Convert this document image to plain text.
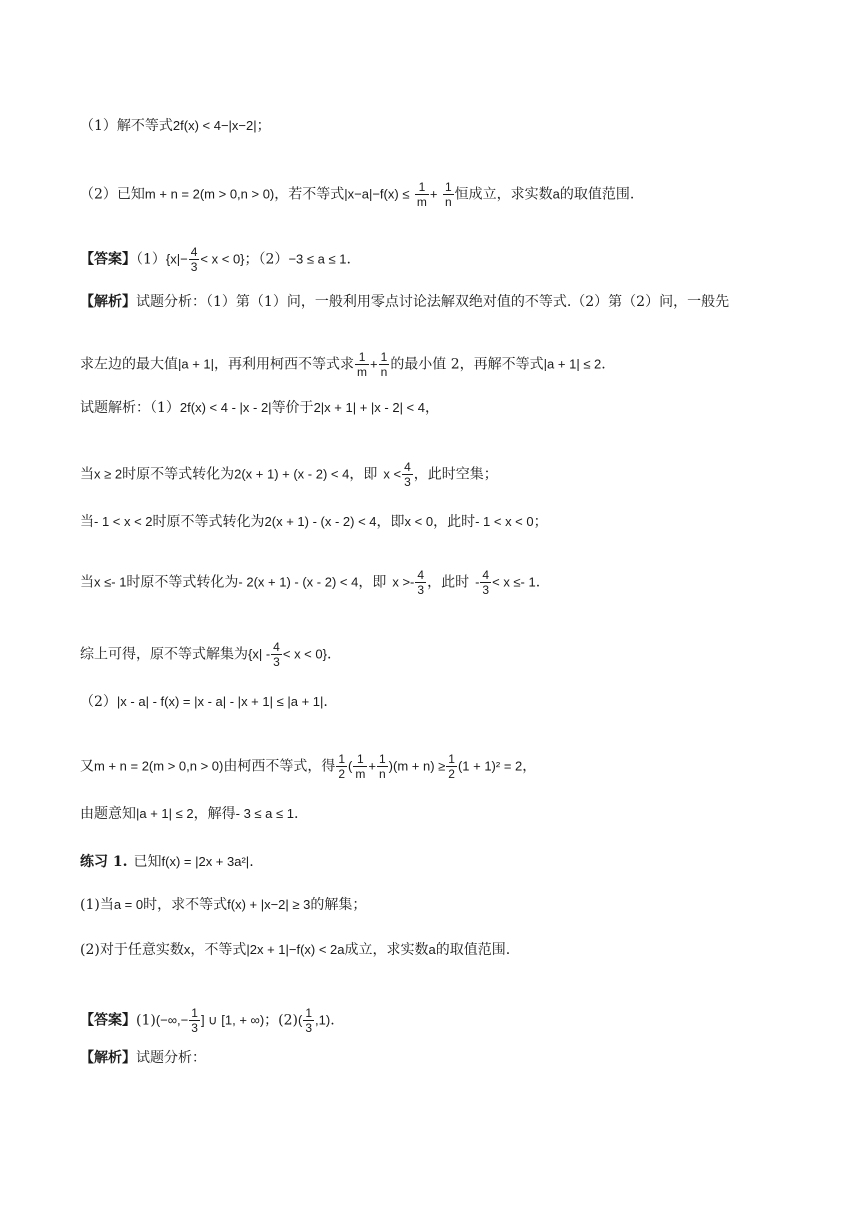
（1）解不等式2f(x) < 4−|x−2|；
（2）已知m + n = 2(m > 0,n > 0)，若不等式$|x-a|-f(x) \le \frac{1}{m} + \frac{1}{n}$ 恒成立，求实数a的取值范围.
【答案】$(1)\{x|- \frac{4}{3} < x < 0\}$；（2）−3 ≤ a ≤ 1.
【解析】试题分析：（1）第（1）问，一般利用零点讨论法解双绝对值的不等式.（2）第（2）问，一般先
求左边的最大值|a + 1|，再利用柯西不等式求 $\frac{1}{m} + \frac{1}{n}$ 的最小值 2，再解不等式|a + 1| ≤ 2.
试题解析：（1）2f(x) < 4 - |x - 2|等价于2|x + 1| + |x - 2| < 4，
当x ≥ 2时原不等式转化为2(x + 1) + (x - 2) < 4，即 $x < \frac{4}{3}$ ，此时空集；
当- 1 < x < 2时原不等式转化为2(x + 1) - (x - 2) < 4，即x < 0，此时- 1 < x < 0；
当x ≤- 1时原不等式转化为- 2(x + 1) - (x - 2) < 4，即 $x >- \frac{4}{3}$ ，此时 - $\frac{4}{3} < x \le- 1$.
综上可得，原不等式解集为$\{x| - \frac{4}{3} < x < 0\}$.
（2）|x - a| - f(x) = |x - a| - |x + 1| ≤ |a + 1|.
又m + n = 2(m > 0,n > 0)由柯西不等式，得 $\frac{1}{2}$ ( $\frac{1}{m} + \frac{1}{n} )(m + n) \ge \frac{1}{2} (1 + 1)^2 = 2$，
由题意知|a + 1| ≤ 2，解得- 3 ≤ a ≤ 1.
练习 1. 已知f(x) = |2x + 3a²|.
(1)当a = 0时，求不等式f(x) + |x−2| ≥ 3的解集；
(2)对于任意实数x，不等式|2x + 1|−f(x) < 2a成立，求实数a的取值范围.
【答案】$(1)(-\infty,- \frac{1}{3}$ ] ∪ [1, + ∞)；$(2)( \frac{1}{3} ,1)$.
【解析】试题分析：
